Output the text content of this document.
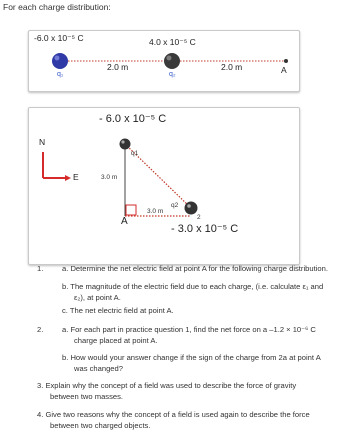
For each charge distribution:
-6.0 x 10⁻⁵ C	4.0 x 10⁻⁵ C
q₁	q₂
2.0 m	2.0 m	A
- 6.0 x 10⁻⁵ C
N
E
q1
q2
2
3.0 m
3.0 m
A
- 3.0 x 10⁻⁵ C
1. a. Determine the net electric field at point A for the following charge distribution.
b. The magnitude of the electric field due to each charge, (i.e. calculate ε₁ and
ε₂), at point A.
c. The net electric field at point A.
2. a. For each part in practice question 1, find the net force on a –1.2 × 10⁻⁶ C
charge placed at point A.
b. How would your answer change if the sign of the charge from 2a at point A
was changed?
3. Explain why the concept of a field was used to describe the force of gravity
between two masses.
4. Give two reasons why the concept of a field is used again to describe the force
between two charged objects.
